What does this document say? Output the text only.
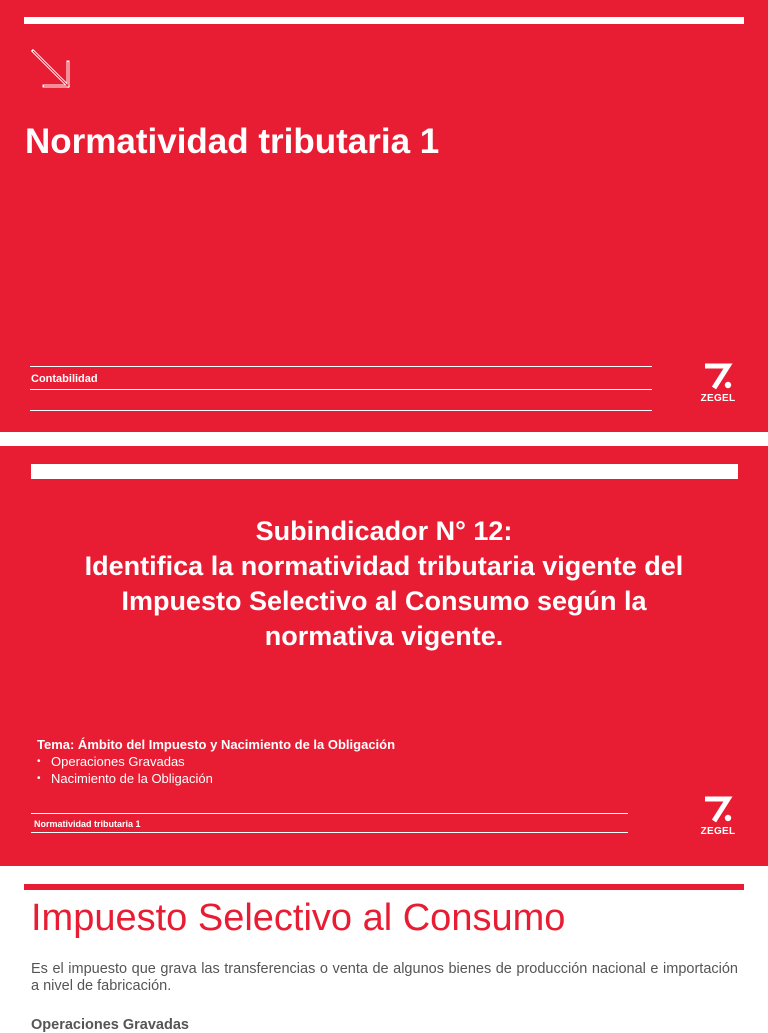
Normatividad tributaria 1
Contabilidad
ZEGEL
Subindicador N° 12:
Identifica la normatividad tributaria vigente del
Impuesto Selectivo al Consumo según la
normativa vigente.
Tema: Ámbito del Impuesto y Nacimiento de la Obligación
• Operaciones Gravadas
• Nacimiento de la Obligación
Normatividad tributaria 1
ZEGEL
Impuesto Selectivo al Consumo
Es el impuesto que grava las transferencias o venta de algunos bienes de producción nacional e importación a nivel de fabricación.
Operaciones Gravadas
